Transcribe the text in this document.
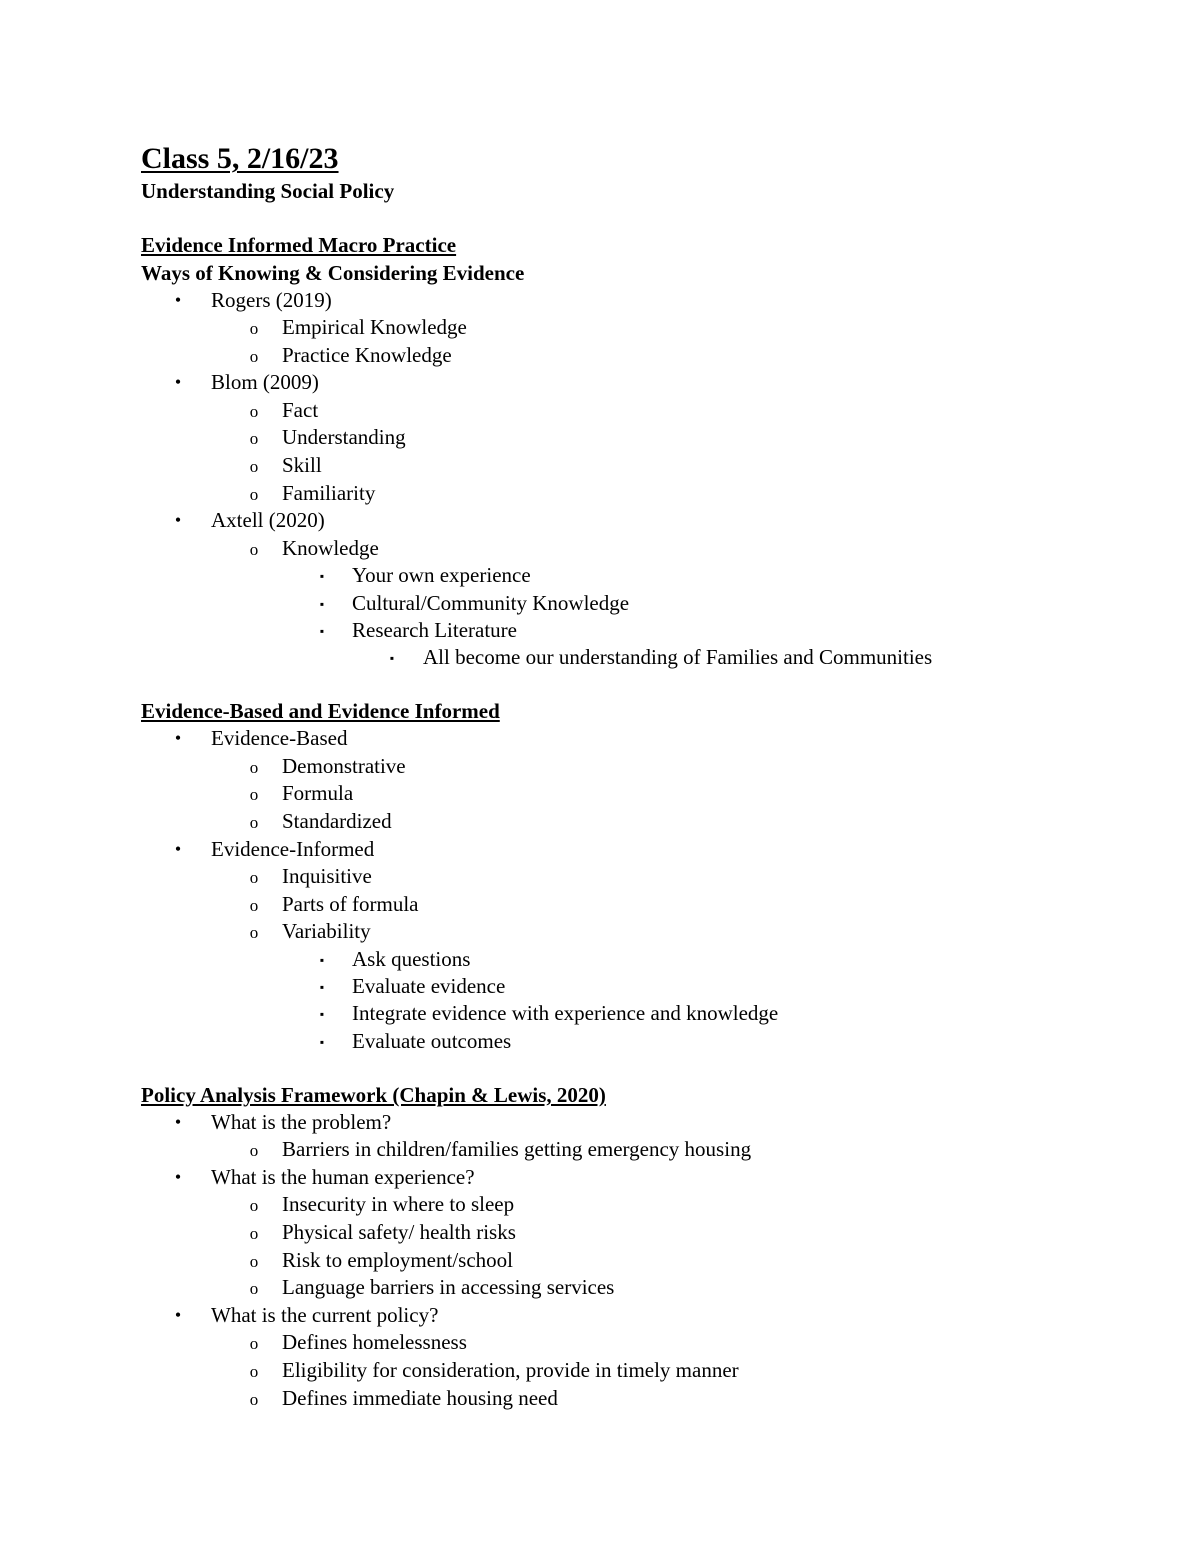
Class 5, 2/16/23
Understanding Social Policy
Evidence Informed Macro Practice
Ways of Knowing & Considering Evidence
•	Rogers (2019)
o Empirical Knowledge
o Practice Knowledge
•	Blom (2009)
o Fact
o Understanding
o Skill
o Familiarity
•	Axtell (2020)
o Knowledge
▪	Your own experience
▪	Cultural/Community Knowledge
▪	Research Literature
▪	All become our understanding of Families and Communities
Evidence-Based and Evidence Informed
•	Evidence-Based
o Demonstrative
o Formula
o Standardized
•	Evidence-Informed
o Inquisitive
o Parts of formula
o Variability
▪	Ask questions
▪	Evaluate evidence
▪	Integrate evidence with experience and knowledge
▪	Evaluate outcomes
Policy Analysis Framework (Chapin & Lewis, 2020)
•	What is the problem?
o Barriers in children/families getting emergency housing
•	What is the human experience?
o Insecurity in where to sleep
o Physical safety/ health risks
o Risk to employment/school
o Language barriers in accessing services
•	What is the current policy?
o Defines homelessness
o Eligibility for consideration, provide in timely manner
o Defines immediate housing need
